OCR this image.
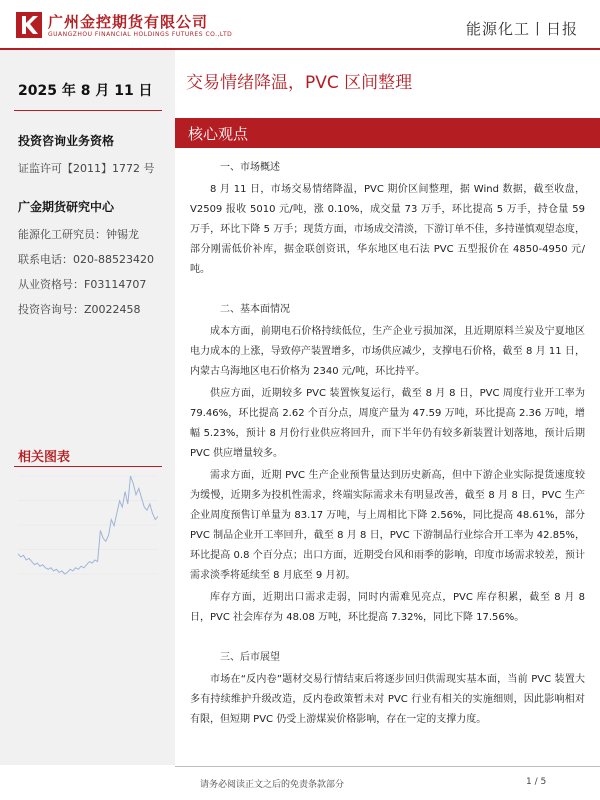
广州金控期货有限公司
GUANGZHOU FINANCIAL HOLDINGS FUTURES CO.,LTD	能源化工丨日报
2025 年 8 月 11 日
投资咨询业务资格
证监许可【2011】1772 号
广金期货研究中心
能源化工研究员：钟锡龙
联系电话：020-88523420
从业资格号：F03114707
投资咨询号：Z0022458
相关图表
交易情绪降温，PVC 区间整理
核心观点
一、市场概述

8 月 11 日，市场交易情绪降温，PVC 期价区间整理，据 Wind 数据，截至收盘，V2509 报收 5010 元/吨，涨 0.10%，成交量 73 万手，环比提高 5 万手，持仓量 59 万手，环比下降 5 万手；现货方面，市场成交清淡，下游订单不佳，多持谨慎观望态度，部分刚需低价补库，据金联创资讯，华东地区电石法 PVC 五型报价在 4850-4950 元/吨。

二、基本面情况

成本方面，前期电石价格持续低位，生产企业亏损加深，且近期原料兰炭及宁夏地区电力成本的上涨，导致停产装置增多，市场供应减少，支撑电石价格，截至 8 月 11 日，内蒙古乌海地区电石价格为 2340 元/吨，环比持平。

供应方面，近期较多 PVC 装置恢复运行，截至 8 月 8 日，PVC 周度行业开工率为 79.46%，环比提高 2.62 个百分点，周度产量为 47.59 万吨，环比提高 2.36 万吨，增幅 5.23%，预计 8 月份行业供应将回升，而下半年仍有较多新装置计划落地，预计后期 PVC 供应增量较多。

需求方面，近期 PVC 生产企业预售量达到历史新高，但中下游企业实际提货速度较为缓慢，近期多为投机性需求，终端实际需求未有明显改善，截至 8 月 8 日，PVC 生产企业周度预售订单量为 83.17 万吨，与上周相比下降 2.56%，同比提高 48.61%，部分 PVC 制品企业开工率回升，截至 8 月 8 日，PVC 下游制品行业综合开工率为 42.85%，环比提高 0.8 个百分点；出口方面，近期受台风和雨季的影响，印度市场需求较差，预计需求淡季将延续至 8 月底至 9 月初。

库存方面，近期出口需求走弱，同时内需难见亮点，PVC 库存积累，截至 8 月 8 日，PVC 社会库存为 48.08 万吨，环比提高 7.32%，同比下降 17.56%。

三、后市展望

市场在“反内卷”题材交易行情结束后将逐步回归供需现实基本面，当前 PVC 装置大多有持续维护升级改造，反内卷政策暂未对 PVC 行业有相关的实施细则，因此影响相对有限，但短期 PVC 仍受上游煤炭价格影响，存在一定的支撑力度。

请务必阅读正文之后的免责条款部分	1 / 5
